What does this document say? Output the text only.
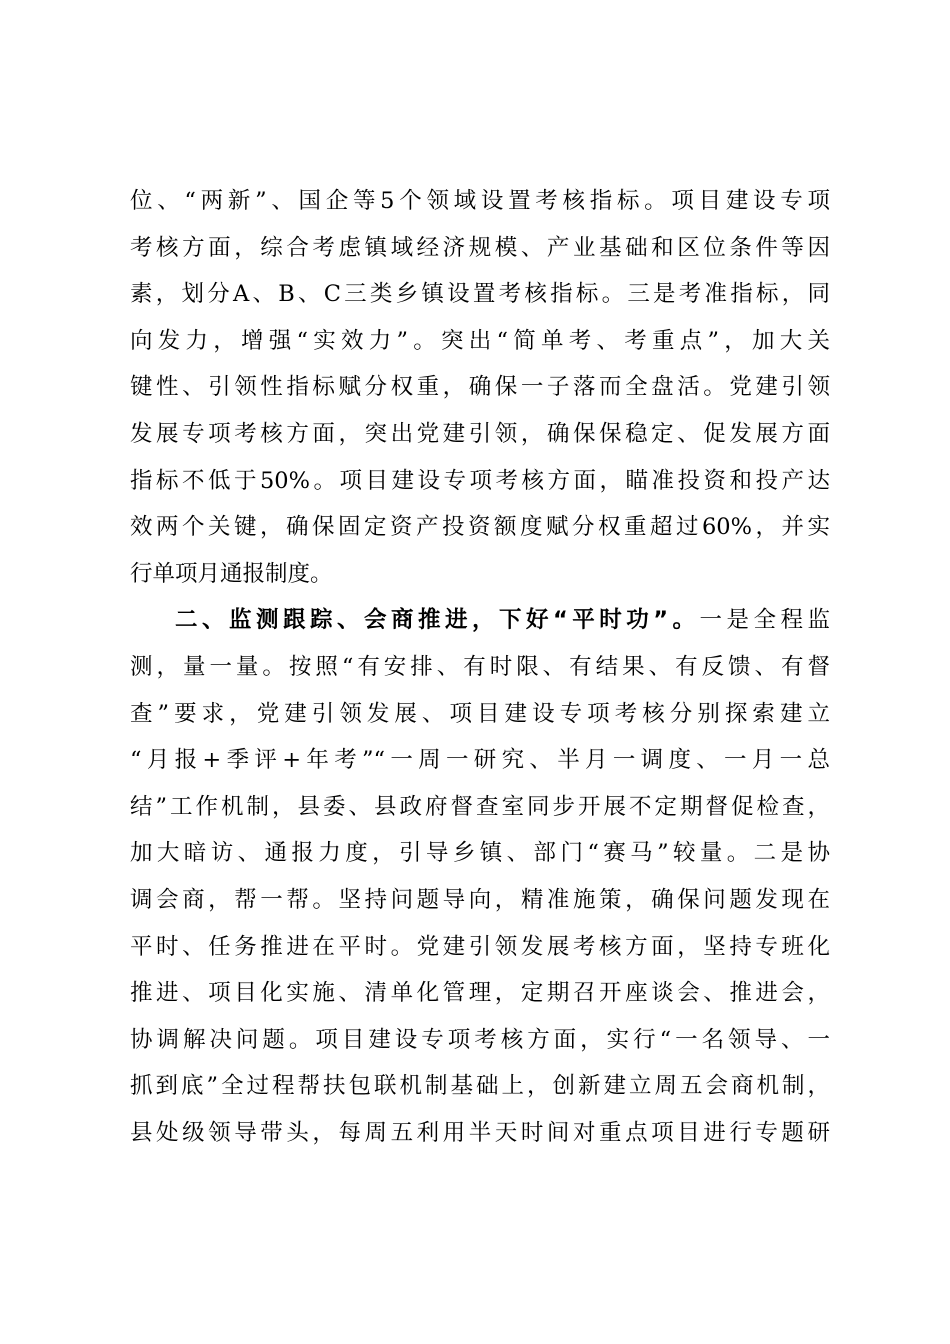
位、“两新”、国企等5个领域设置考核指标。项目建设专项
考核方面，综合考虑镇域经济规模、产业基础和区位条件等因
素，划分A、B、C三类乡镇设置考核指标。三是考准指标，同
向发力，增强“实效力”。突出“简单考、考重点”，加大关
键性、引领性指标赋分权重，确保一子落而全盘活。党建引领
发展专项考核方面，突出党建引领，确保保稳定、促发展方面
指标不低于50%。项目建设专项考核方面，瞄准投资和投产达
效两个关键，确保固定资产投资额度赋分权重超过60%，并实
行单项月通报制度。
二、监测跟踪、会商推进，下好“平时功”。一是全程监
测，量一量。按照“有安排、有时限、有结果、有反馈、有督
查”要求，党建引领发展、项目建设专项考核分别探索建立
“月报+季评+年考”“一周一研究、半月一调度、一月一总
结”工作机制，县委、县政府督查室同步开展不定期督促检查，
加大暗访、通报力度，引导乡镇、部门“赛马”较量。二是协
调会商，帮一帮。坚持问题导向，精准施策，确保问题发现在
平时、任务推进在平时。党建引领发展考核方面，坚持专班化
推进、项目化实施、清单化管理，定期召开座谈会、推进会，
协调解决问题。项目建设专项考核方面，实行“一名领导、一
抓到底”全过程帮扶包联机制基础上，创新建立周五会商机制，
县处级领导带头，每周五利用半天时间对重点项目进行专题研
